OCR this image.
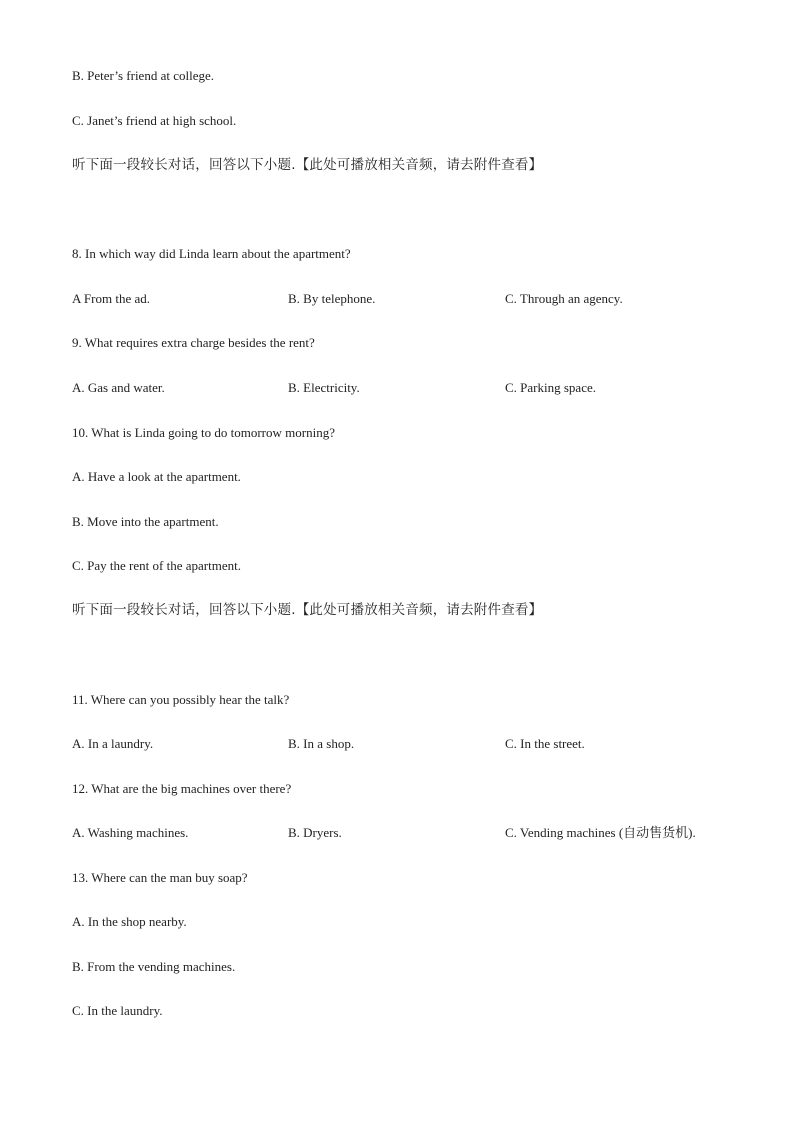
B. Peter’s friend at college.
C. Janet’s friend at high school.
听下面一段较长对话，回答以下小题.【此处可播放相关音频，请去附件查看】
8. In which way did Linda learn about the apartment?
A From the ad.	B. By telephone.	C. Through an agency.
9. What requires extra charge besides the rent?
A. Gas and water.	B. Electricity.	C. Parking space.
10. What is Linda going to do tomorrow morning?
A. Have a look at the apartment.
B. Move into the apartment.
C. Pay the rent of the apartment.
听下面一段较长对话，回答以下小题.【此处可播放相关音频，请去附件查看】
11. Where can you possibly hear the talk?
A. In a laundry.	B. In a shop.	C. In the street.
12. What are the big machines over there?
A. Washing machines.	B. Dryers.	C. Vending machines (自动售货机).
13. Where can the man buy soap?
A. In the shop nearby.
B. From the vending machines.
C. In the laundry.
